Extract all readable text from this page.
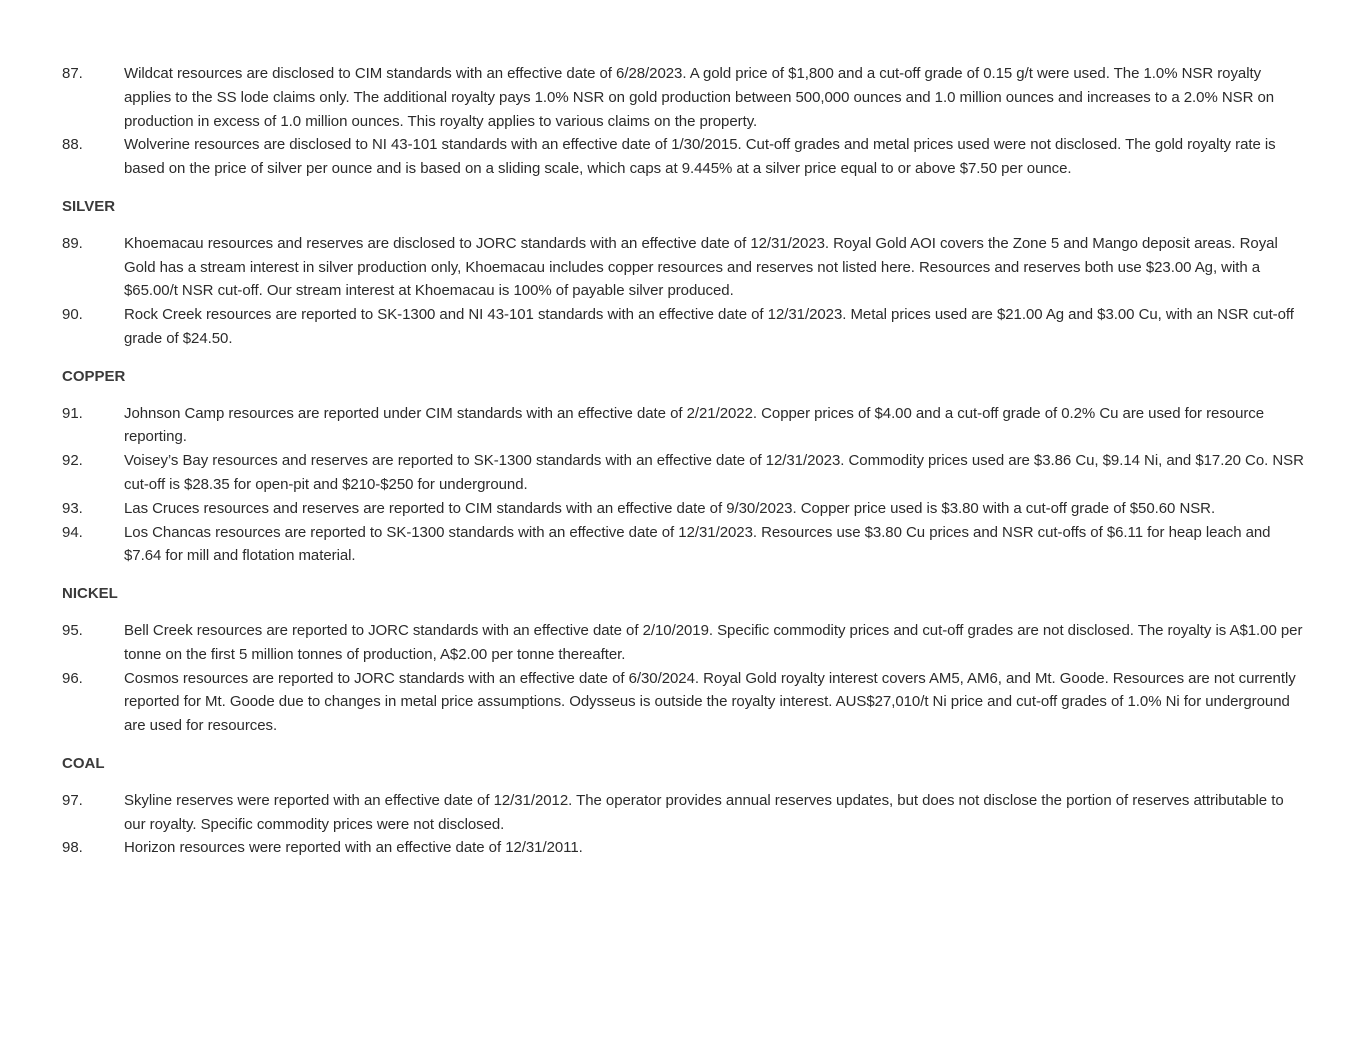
87.	Wildcat resources are disclosed to CIM standards with an effective date of 6/28/2023. A gold price of $1,800 and a cut-off grade of 0.15 g/t were used. The 1.0% NSR royalty applies to the SS lode claims only. The additional royalty pays 1.0% NSR on gold production between 500,000 ounces and 1.0 million ounces and increases to a 2.0% NSR on production in excess of 1.0 million ounces. This royalty applies to various claims on the property.
88.	Wolverine resources are disclosed to NI 43-101 standards with an effective date of 1/30/2015. Cut-off grades and metal prices used were not disclosed. The gold royalty rate is based on the price of silver per ounce and is based on a sliding scale, which caps at 9.445% at a silver price equal to or above $7.50 per ounce.
SILVER
89.	Khoemacau resources and reserves are disclosed to JORC standards with an effective date of 12/31/2023. Royal Gold AOI covers the Zone 5 and Mango deposit areas. Royal Gold has a stream interest in silver production only, Khoemacau includes copper resources and reserves not listed here. Resources and reserves both use $23.00 Ag, with a $65.00/t NSR cut-off. Our stream interest at Khoemacau is 100% of payable silver produced.
90.	Rock Creek resources are reported to SK-1300 and NI 43-101 standards with an effective date of 12/31/2023. Metal prices used are $21.00 Ag and $3.00 Cu, with an NSR cut-off grade of $24.50.
COPPER
91.	Johnson Camp resources are reported under CIM standards with an effective date of 2/21/2022. Copper prices of $4.00 and a cut-off grade of 0.2% Cu are used for resource reporting.
92.	Voisey’s Bay resources and reserves are reported to SK-1300 standards with an effective date of 12/31/2023. Commodity prices used are $3.86 Cu, $9.14 Ni, and $17.20 Co. NSR cut-off is $28.35 for open-pit and $210-$250 for underground.
93.	Las Cruces resources and reserves are reported to CIM standards with an effective date of 9/30/2023. Copper price used is $3.80 with a cut-off grade of $50.60 NSR.
94.	Los Chancas resources are reported to SK-1300 standards with an effective date of 12/31/2023. Resources use $3.80 Cu prices and NSR cut-offs of $6.11 for heap leach and $7.64 for mill and flotation material.
NICKEL
95.	Bell Creek resources are reported to JORC standards with an effective date of 2/10/2019. Specific commodity prices and cut-off grades are not disclosed. The royalty is A$1.00 per tonne on the first 5 million tonnes of production, A$2.00 per tonne thereafter.
96.	Cosmos resources are reported to JORC standards with an effective date of 6/30/2024. Royal Gold royalty interest covers AM5, AM6, and Mt. Goode. Resources are not currently reported for Mt. Goode due to changes in metal price assumptions. Odysseus is outside the royalty interest. AUS$27,010/t Ni price and cut-off grades of 1.0% Ni for underground are used for resources.
COAL
97.	Skyline reserves were reported with an effective date of 12/31/2012. The operator provides annual reserves updates, but does not disclose the portion of reserves attributable to our royalty. Specific commodity prices were not disclosed.
98.	Horizon resources were reported with an effective date of 12/31/2011.
